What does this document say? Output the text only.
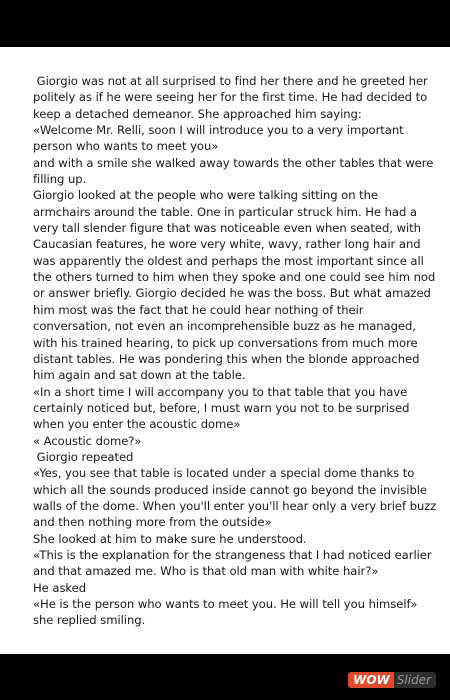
Giorgio was not at all surprised to find her there and he greeted her politely as if he were seeing her for the first time. He had decided to keep a detached demeanor. She approached him saying:

«Welcome Mr. Relli, soon I will introduce you to a very important person who wants to meet you»

and with a smile she walked away towards the other tables that were filling up.

Giorgio looked at the people who were talking sitting on the armchairs around the table. One in particular struck him. He had a very tall slender figure that was noticeable even when seated, with Caucasian features, he wore very white, wavy, rather long hair and was apparently the oldest and perhaps the most important since all the others turned to him when they spoke and one could see him nod or answer briefly. Giorgio decided he was the boss. But what amazed him most was the fact that he could hear nothing of their conversation, not even an incomprehensible buzz as he managed, with his trained hearing, to pick up conversations from much more distant tables. He was pondering this when the blonde approached him again and sat down at the table.

«In a short time I will accompany you to that table that you have certainly noticed but, before, I must warn you not to be surprised when you enter the acoustic dome»

« Acoustic dome?»

Giorgio repeated

«Yes, you see that table is located under a special dome thanks to which all the sounds produced inside cannot go beyond the invisible walls of the dome. When you'll enter you'll hear only a very brief buzz and then nothing more from the outside»

She looked at him to make sure he understood.

«This is the explanation for the strangeness that I had noticed earlier and that amazed me. Who is that old man with white hair?»

He asked

«He is the person who wants to meet you. He will tell you himself»

she replied smiling.

WOW Slider
